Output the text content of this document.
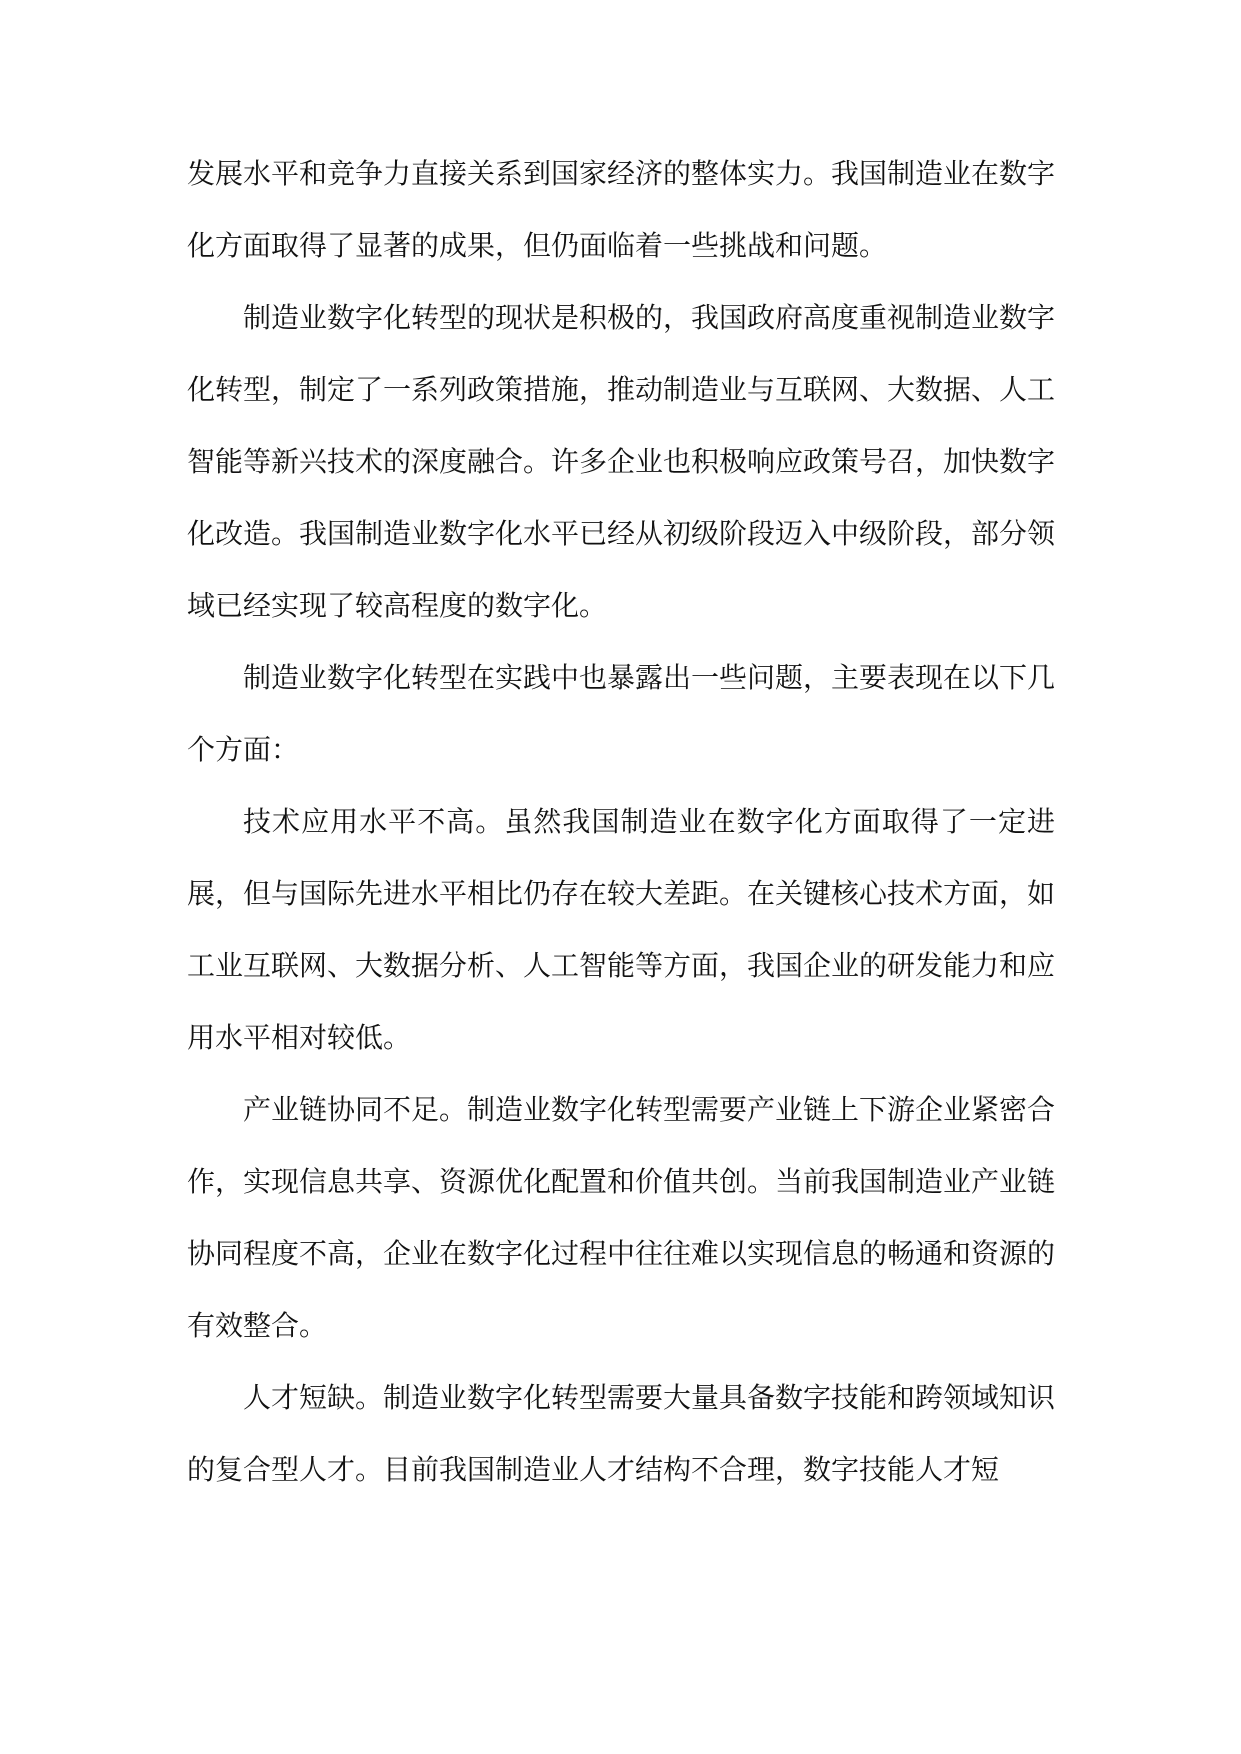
发展水平和竞争力直接关系到国家经济的整体实力。我国制造业在数字化方面取得了显著的成果，但仍面临着一些挑战和问题。

制造业数字化转型的现状是积极的，我国政府高度重视制造业数字化转型，制定了一系列政策措施，推动制造业与互联网、大数据、人工智能等新兴技术的深度融合。许多企业也积极响应政策号召，加快数字化改造。我国制造业数字化水平已经从初级阶段迈入中级阶段，部分领域已经实现了较高程度的数字化。

制造业数字化转型在实践中也暴露出一些问题，主要表现在以下几个方面：

技术应用水平不高。虽然我国制造业在数字化方面取得了一定进展，但与国际先进水平相比仍存在较大差距。在关键核心技术方面，如工业互联网、大数据分析、人工智能等方面，我国企业的研发能力和应用水平相对较低。

产业链协同不足。制造业数字化转型需要产业链上下游企业紧密合作，实现信息共享、资源优化配置和价值共创。当前我国制造业产业链协同程度不高，企业在数字化过程中往往难以实现信息的畅通和资源的有效整合。

人才短缺。制造业数字化转型需要大量具备数字技能和跨领域知识的复合型人才。目前我国制造业人才结构不合理，数字技能人才短
